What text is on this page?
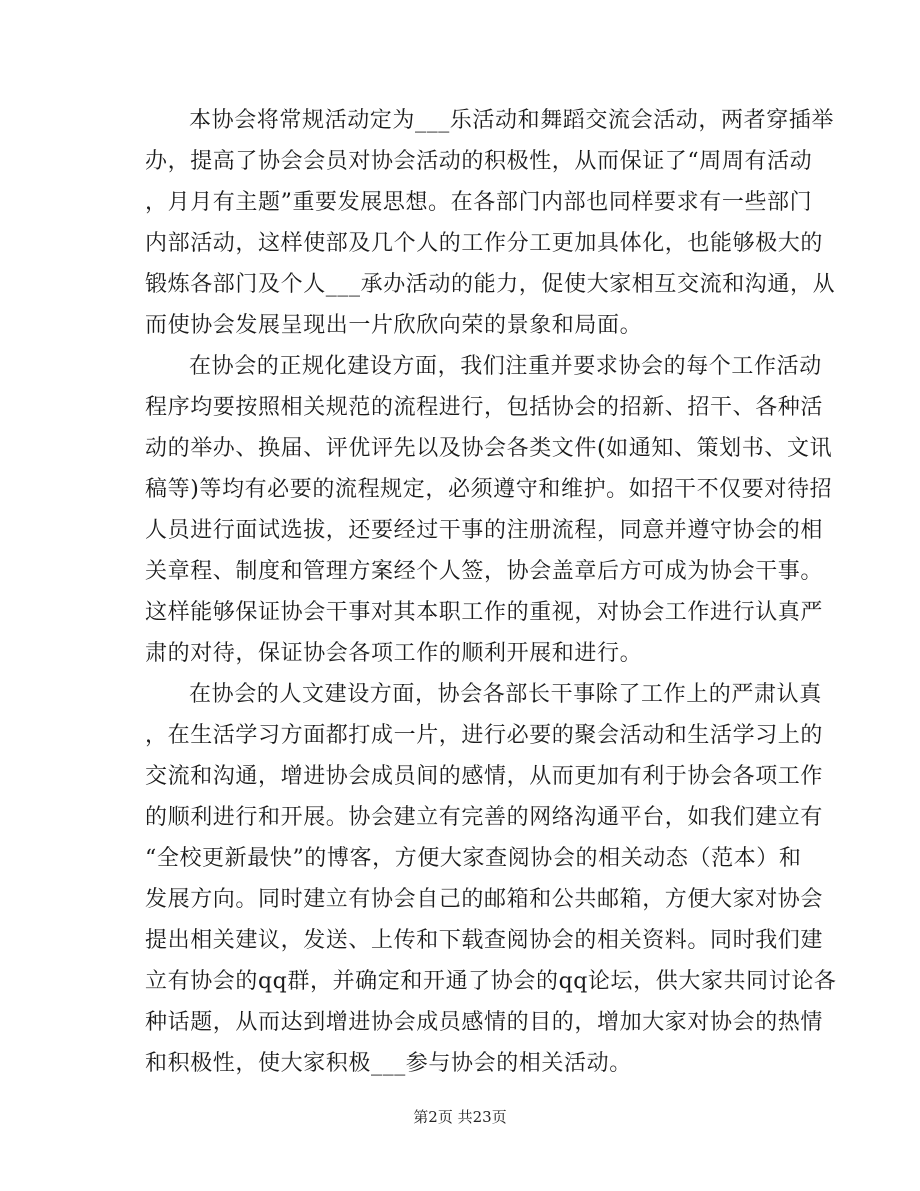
本协会将常规活动定为___乐活动和舞蹈交流会活动，两者穿插举
办，提高了协会会员对协会活动的积极性，从而保证了“周周有活动
，月月有主题”重要发展思想。在各部门内部也同样要求有一些部门
内部活动，这样使部及几个人的工作分工更加具体化，也能够极大的
锻炼各部门及个人___承办活动的能力，促使大家相互交流和沟通，从
而使协会发展呈现出一片欣欣向荣的景象和局面。

在协会的正规化建设方面，我们注重并要求协会的每个工作活动
程序均要按照相关规范的流程进行，包括协会的招新、招干、各种活
动的举办、换届、评优评先以及协会各类文件(如通知、策划书、文讯
稿等)等均有必要的流程规定，必须遵守和维护。如招干不仅要对待招
人员进行面试选拔，还要经过干事的注册流程，同意并遵守协会的相
关章程、制度和管理方案经个人签，协会盖章后方可成为协会干事。
这样能够保证协会干事对其本职工作的重视，对协会工作进行认真严
肃的对待，保证协会各项工作的顺利开展和进行。

在协会的人文建设方面，协会各部长干事除了工作上的严肃认真
，在生活学习方面都打成一片，进行必要的聚会活动和生活学习上的
交流和沟通，增进协会成员间的感情，从而更加有利于协会各项工作
的顺利进行和开展。协会建立有完善的网络沟通平台，如我们建立有
“全校更新最快”的博客，方便大家查阅协会的相关动态（范本）和
发展方向。同时建立有协会自己的邮箱和公共邮箱，方便大家对协会
提出相关建议，发送、上传和下载查阅协会的相关资料。同时我们建
立有协会的qq群，并确定和开通了协会的qq论坛，供大家共同讨论各
种话题，从而达到增进协会成员感情的目的，增加大家对协会的热情
和积极性，使大家积极___参与协会的相关活动。

第2页 共23页
